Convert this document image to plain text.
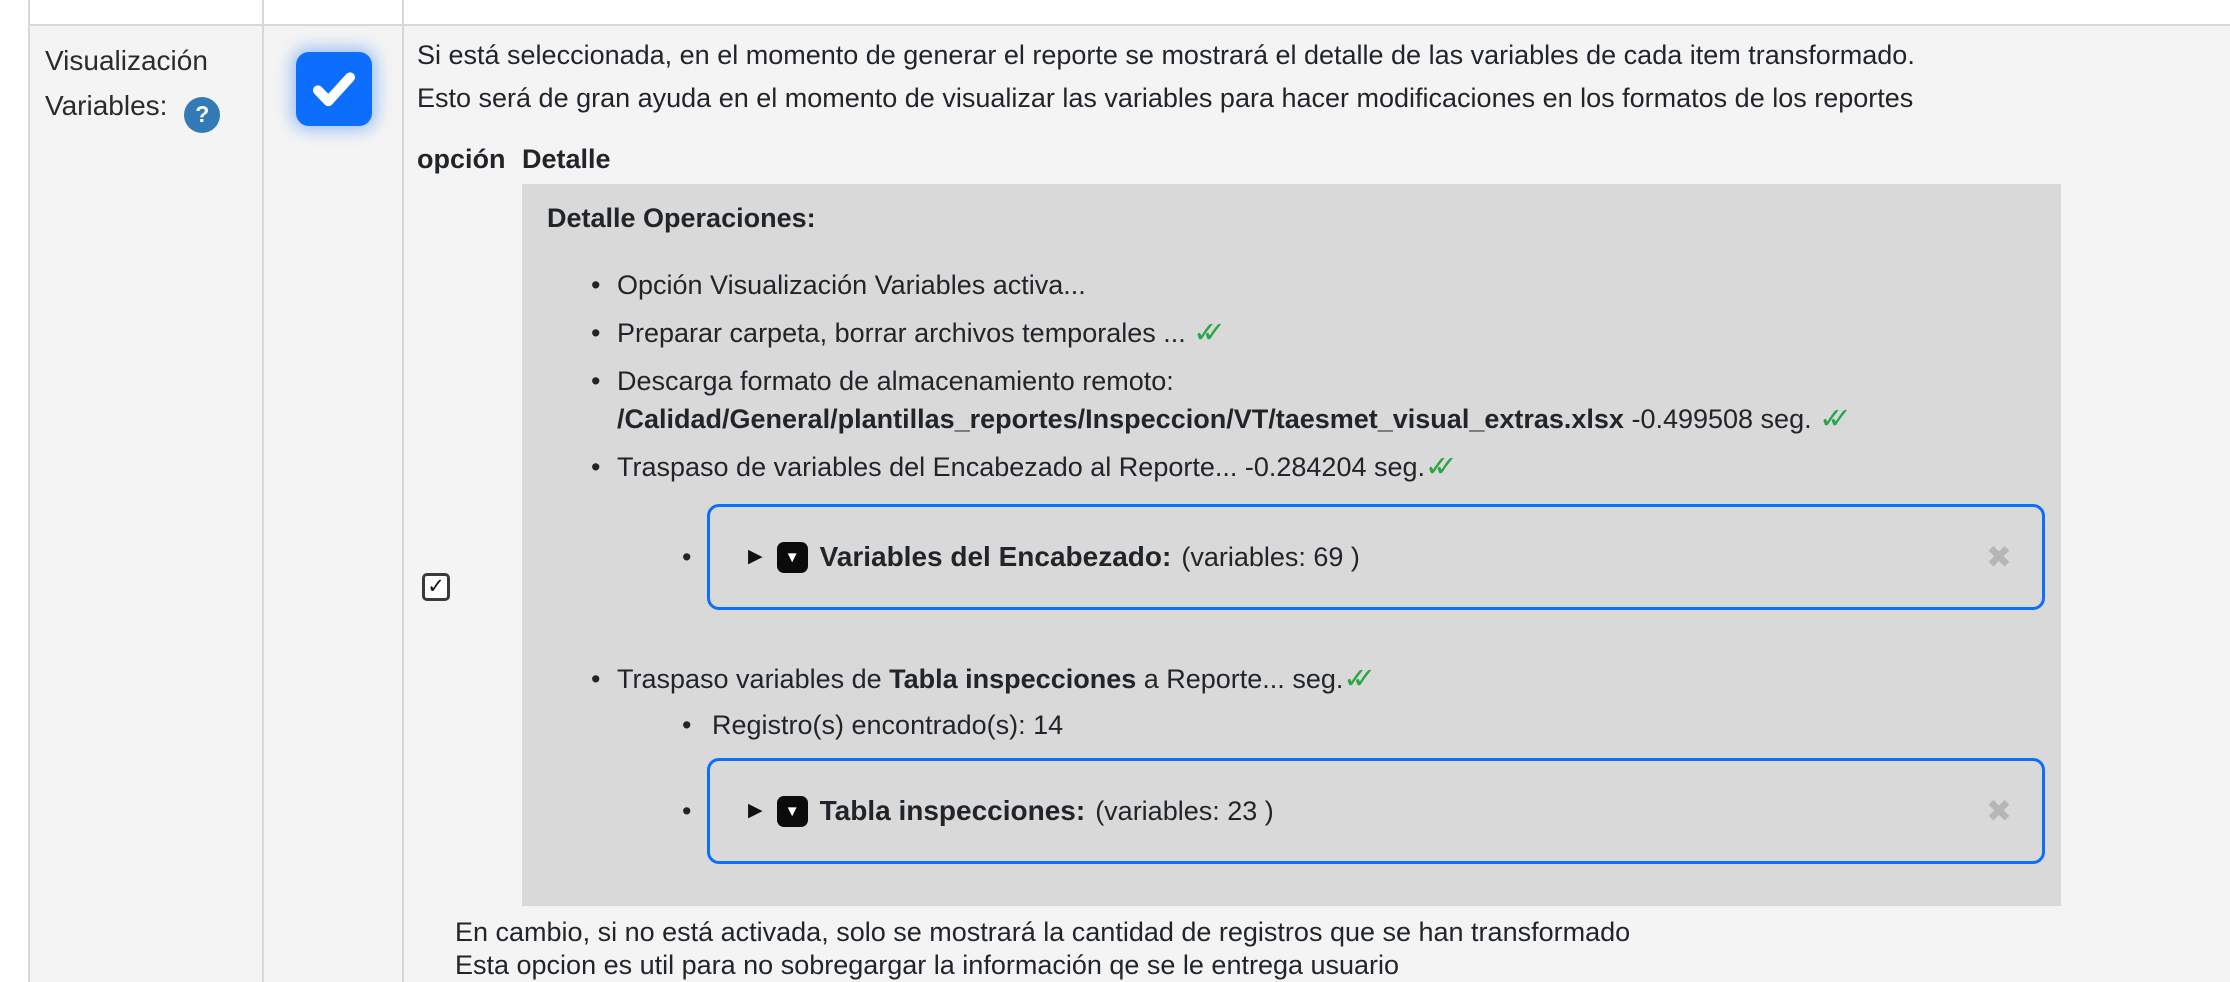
Visualización
Variables: ?

Si está seleccionada, en el momento de generar el reporte se mostrará el detalle de las variables de cada item transformado.

Esto será de gran ayuda en el momento de visualizar las variables para hacer modificaciones en los formatos de los reportes

opción Detalle
✓
Detalle Operaciones:
• Opción Visualización Variables activa...
• Preparar carpeta, borrar archivos temporales ... ✓✓
• Descarga formato de almacenamiento remoto:
/Calidad/General/plantillas_reportes/Inspeccion/VT/taesmet_visual_extras.xlsx -0.499508 seg. ✓✓
• Traspaso de variables del Encabezado al Reporte... -0.284204 seg.✓✓
• ▶ ▼ Variables del Encabezado: (variables: 69 )	✖
• Traspaso variables de Tabla inspecciones a Reporte... seg.✓✓
• Registro(s) encontrado(s): 14
• ▶ ▼ Tabla inspecciones: (variables: 23 )	✖
En cambio, si no está activada, solo se mostrará la cantidad de registros que se han transformado
Esta opcion es util para no sobregargar la información qe se le entrega usuario
